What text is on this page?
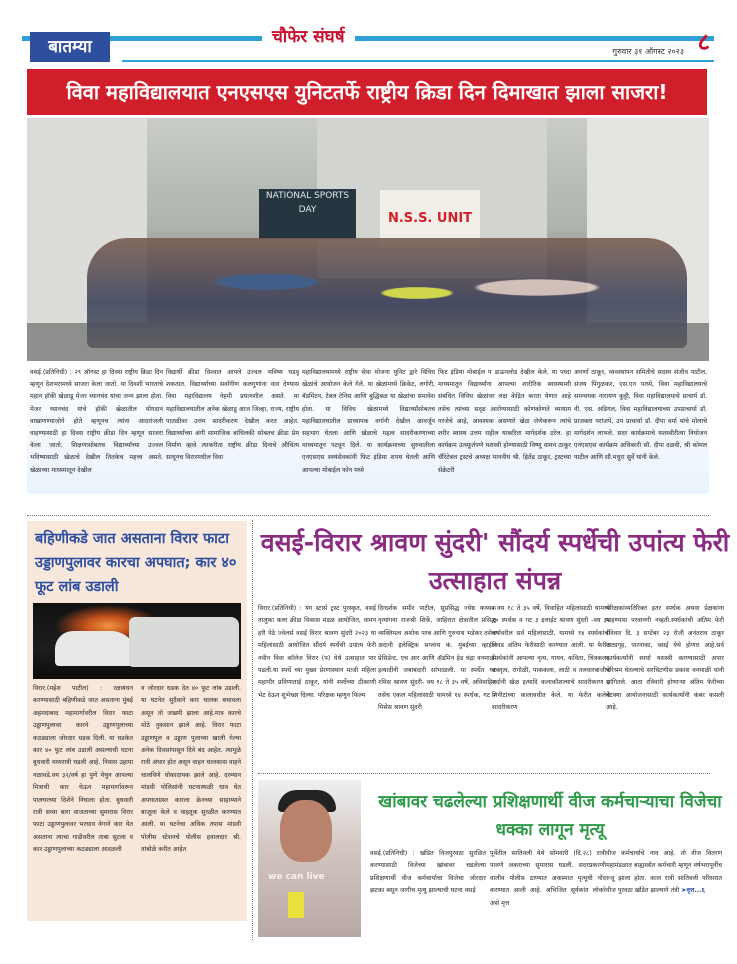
बातम्या	चौफेर संघर्ष
गुरुवार ३१ ऑगस्ट २०२३ ८
विवा महाविद्यालयात एनएसएस युनिटतर्फे राष्ट्रीय क्रिडा दिन दिमाखात झाला साजरा!
NATIONAL SPORTS DAY
N.S.S. UNIT
वसई.(प्रतिनिधी) : २९ ऑगस्ट हा दिवस राष्ट्रीय क्रिडा दिन म्हणून देशभरामध्ये साजरा केला जातो. या दिवशी भारताचे महान हॉकी खेळाडू मेजर ध्यानचंद यांचा जन्म झाला होता. मेजर ध्यानचंद यांचे हॉकी खेळातील योगदान वाखाणण्याजोगे होते म्हणूनच त्यांना आदरांजली वाहण्यासाठी हा दिवस राष्ट्रीय क्रीडा दिन म्हणून साजरा केला जातो. शिक्षणासोबतच विद्यार्थ्यांच्या उज्वल भविष्यासाठी खेळाचे देखील तितकेच महत्त्व असते. खेळाच्या माध्यमातून देखील
विद्यार्थी क्रीडा विश्वात आपले उज्वल भविष्य घडवू शकतात. विद्यार्थ्यांच्या सर्वांगीण कलगुणांना वाव देण्यास विवा महाविद्यालय नेहमी प्रयत्नशील असते. या महाविद्यालयातील अनेक खेळाडू आज जिल्हा, राज्य, राष्ट्रीय पातळीवर उत्तम सादरीकरण देखील करत आहेत. विद्यार्थ्यांच्या अंगी सामाजिक बांधिलकी सोबतच क्रीडा प्रेम निर्माण व्हावे त्याकरीता राष्ट्रीय क्रीडा दिनाचे औचित्य साधूनच विरारमधील विवा
महाविद्यालयामध्ये राष्ट्रीय सेवा योजना युनिट द्वारे विविध खेळांचे आयोजन केले गेले. या खेळांमध्ये क्रिकेट, लगोरी, बॅडमिंटन, टेबल टेनिस आणि बुद्धिबळ या खेळांचा समावेश होता. या विविध खेळांमध्ये विद्यार्थ्यांसोबतच महाविद्यालयातील प्राध्यापक वर्गानी देखील आवर्जून सहभाग घेतला आणि खेळाचे महत्व सादरीकरणाच्या माध्यमातून पटवून दिले. या कार्यक्रमाच्या सुरुवातीला एनएसएस स्वयंसेवकांनी फिट इंडिया शपथ घेतली आणि आपल्या मोबाईल फोन मध्ये
फिट इंडिया मोबाईल प डाऊनलोड देखील केले. या पध्दा माध्यमातून विद्यार्थ्यांना आपल्या शारीरिक स्वास्थ्याशी संबंधित विविध खेळांवर लक्ष केंद्रित करता येणार आहे तसेच त्यांच्या सदृढ आरोग्यासाठी कोणकोणते व्यायाम गरजेचे आहे, आवश्यक असणारे खेळ जेणेकरून त्यांचे शरीर स्वास्थ उत्तम राहील याकरिता मार्गदर्शक ठरेल. हा कार्यक्रम उत्स्फूर्तपणे यशस्वी होण्यासाठी विष्णू वामन ठाकूर चॅरिटेबल ट्रस्टचे अध्यक्ष माननीय श्री. हितेंद्र ठाकूर, ट्रस्टच्या सेक्रेटरी
अपर्णा ठाकूर, व्यवस्थापन समितीचे सदस्य संजीव पाटील, संजय पिंगुळकर, एस.एन पाध्ये, विवा महाविद्यालयाचे समन्वयक नारायण कुट्टी, विवा महाविद्यालयाचे प्राचार्य डॉ. वी. एस. अडिगल, विवा महाविद्यालयाच्या उपप्राचार्या डॉ. प्राजक्ता परांजपे, उप प्राचार्या डॉ. दीपा वर्मा यांचे मोलाचे मार्गदर्शन लाभले. सदर कार्यक्रमाचे यशस्वीरीत्या नियोजन एनएसएस कार्यक्रम अधिकारी सौ. दीपा दळवी, श्री कोमल पाटील आणि सौ.मधुरा सुर्वे यांनी केले.
बहिणीकडे जात असताना विरार फाटा उड्डाणपुलावर कारचा अपघात; कार ४० फूट लांब उडाली
विरार.(महेश पाटील) : रक्षाबंधन करण्यासाठी बहिणीकडे जात असताना मुंबई अहमदाबाद महामार्गावरील विरार फाटा उड्डाणपुलावर कारने उड्डाणपुलाच्या कठड्याला जोरदार धडक दिली. या धडकेत कार ४० फूट लांब उडाली असल्याची घटना बुधवारी मध्यरात्री घडली आहे. निवास उहापा नळावडे.वय ३२/वर्ष हा पुणे येथुन आपल्या मित्राची कार घेऊन महामार्गावरून पालघरच्या दिशेने निघाला होता. बुधवारी रात्री सव्वा बारा वाजताच्या सुमारास विरार फाटा उड्डाणपुलावर भरधाव वेगाने कार येत असताना त्याचा गाडीवरील ताबा सुटला व कार उड्डाणपुलाच्या कठड्याला आदळली
व जोरदार धडक देत ४० फूट लांब उडाली. या घटनेत सुदैवाने कार चालक बचावला असून तो जखमी झाला आहे.मात्र कारचे मोठे नुकसान झाले आहे. विरार फाटा उड्डाणपूल व उड्डाण पुलाच्या खाली गेल्या अनेक दिवसांपासून दिवे बंद आहेत. त्यामुळे रात्री अंधार होत असून वाहन चालकास वाहने चालविणे धोकादायक झाले आहे. दरम्यान मांडवी पोलिसांनी घटनास्थळी धाव घेत अपघातग्रस्त कारला क्रेनच्या साहाय्याने बाजूला केले व वाहतूक सुरळीत करण्यात आली. या घटनेचा अधिक तपास मांडवी पोलीस स्टेशनचे पोलीस हवालदार श्री. तांबोळे करीत आहेत
वसई-विरार श्रावण सुंदरी' सौंदर्य स्पर्धेची उपांत्य फेरी उत्साहात संपन्न
विरार.(प्रतिनिधी) : यंग स्टार्स ट्रस्ट पुरस्कृत, वसई तालुका कला क्रीडा विकास मंडळ आयोजित, वामन हरी पेठे ज्वेलर्स वसई विरार श्रावण सुंदरी २०२३ या महिलांसाठी आयोजित सौंदर्य स्पर्धेची उपांत्य फेरी नवीन विवा कॉलेज विरार (प) येथे उत्साहात पार पडली.या स्पर्धे च्या मुख्य प्रेरणास्थान माजी महिला महापौर प्रविणाताई ठाकूर, यांनी स्पर्धेच्या ठीकाणी भेट देऊन शुभेच्छा दिल्या. परिक्षक म्हणून फिल्म
दिग्दर्शक समीर पाटील, सुप्रसिद्ध ज्येष्ठ कथ्थक नृत्यांगना राजश्री शिर्के, जाहिरात क्षेत्रातील प्रसिद्ध व्यक्तिमत्व अशोक परब आणि गुरुनाथ भडेकर तसेच अदानी इलेक्ट्रिक सप्लाय कं. मुंबईच्या व्हाईस प्रेसिडेन्ट, एच आर आणि ॲडमिन हेड चंद्रा वनमाळी इत्यादींनी जबाबदारी सांभाळली. या स्पर्धेत गट १मिस श्रावण सुंदरी- वय १८ ते ३५ वर्षे, अविवाहित तसेच एकल महिलांसाठी यामध्ये १४ स्पर्धक, गट २ मिसेस श्रावण सुंदरी
- वय १८ ते ३५ वर्षे, विवाहित महिलांसाठी यामध्ये १० स्पर्धक व गट ३ इलाईट श्रावण सुंदरी -वय ३५ वर्षावरील सर्व महिलांसाठी, यामध्ये १४ स्पर्धकांची निवड अंतिम फेरीसाठी करण्यात आली. या फेरीत स्पर्धकांनी आपल्या नृत्य, गायन, कविता, चित्रकला, वक्तृत्व, रांगोळी, पाककला, लाठी व तलवारबाजीचे मर्दानी खेळ इत्यादि कलाकौशल्याचे सादरीकरण ३ मिनीटांच्या कालावधीत केले. या फेरीत कलेचे सादरीकरण
परिक्षकांव्यतिरिक्त इतर स्पर्धक अथवा प्रेक्षकांना पाहण्यास परवानगी नव्हती.स्पर्धकांची अंतिम फेरी रविवार दि. ३ सप्टेंबर २३ रोजी अनंतराव ठाकूर नाट्यगृह, पारनाका, वसई येथे होणार आहे.सर्व कार्यकर्त्यांनी स्पर्धा यशस्वी करण्यासाठी अपार परिश्रम घेतल्याचे सरचिटणीस प्रकाश वनमाळी यांनी सांगितले. आता रविवारी होणाऱ्या अंतिम फेरीच्या नेटक्या आयोजनासाठी कार्यकर्त्यांनी कंबर कसली आहे.
we can live
खांबावर चढलेल्या प्रशिक्षणार्थी वीज कर्मचाऱ्याचा विजेचा धक्का लागून मृत्यू
वसई.(प्रतिनिधी) : खंडित विजपुरवठा सुरळित करण्यासाठी विजेच्या खांबावर चढलेल्या प्रशिक्षणार्थी वीज कर्मचार्याचा विजेचा जोरदार झटका बसून जागीच मृत्यू झाल्याची घटना वसई
पूर्वेतील सातिवली येथे सोमवारी (दि.२८) रात्री पावणे अकराच्या सुमारास घडली. सदरप्रकरणी वालीव पोलीस ठाण्यात अकस्मात मृत्यूची नोंद करण्यात आली आहे. अभिजित सूर्यकांत लोकरे असे मृत्त
वीज कर्मचार्याचे नाव आहे. तो वीज वितरण महामंडळात बाह्यस्त्रोत कर्मचारी म्हणून वर्षभरापूर्वीच रुजू झाला होता. काल रात्री सातिवली परिसरात वीज पुरवठा खंडित झाल्याने तंत्री ➤वृत्त...६
